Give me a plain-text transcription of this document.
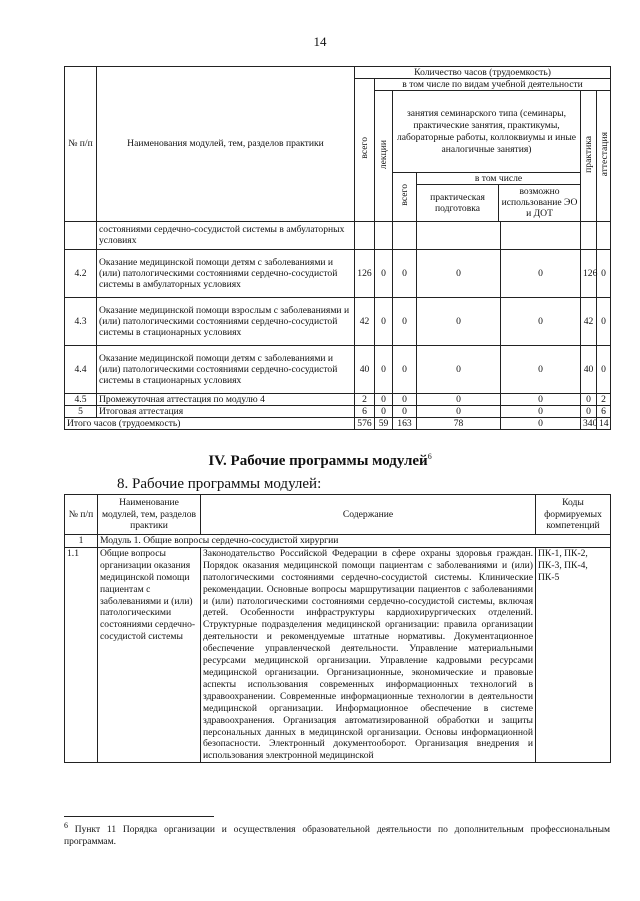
14
№ п/п	Наименования модулей, тем, разделов практики	Количество часов (трудоемкость)
всего	в том числе по видам учебной деятельности
лекции	занятия семинарского типа (семинары, практические занятия, практикумы, лабораторные работы, коллоквиумы и иные аналогичные занятия)	практика	аттестация
всего	
в том числе
практическая подготовка	возможно использование ЭО и ДОТ

	состояниями сердечно-сосудистой системы в амбулаторных условиях							
4.2	Оказание медицинской помощи детям с заболеваниями и (или) патологическими состояниями сердечно-сосудистой системы в амбулаторных условиях	126	0	0	0	0	126	0
4.3	Оказание медицинской помощи взрослым с заболеваниями и (или) патологическими состояниями сердечно-сосудистой системы в стационарных условиях	42	0	0	0	0	42	0
4.4	Оказание медицинской помощи детям с заболеваниями и (или) патологическими состояниями сердечно-сосудистой системы в стационарных условиях	40	0	0	0	0	40	0
4.5	Промежуточная аттестация по модулю 4	2	0	0	0	0	0	2
5	Итоговая аттестация	6	0	0	0	0	0	6
Итого часов (трудоемкость)	576	59	163	78	0	340	14
IV. Рабочие программы модулей$^6$
8. Рабочие программы модулей:
№ п/п	Наименование модулей, тем, разделов практики	Содержание	Коды формируемых компетенций
1	Модуль 1. Общие вопросы сердечно-сосудистой хирургии		
1.1	Общие вопросы организации оказания медицинской помощи пациентам с заболеваниями и (или) патологическими состояниями сердечно-сосудистой системы	Законодательство Российской Федерации в сфере охраны здоровья граждан. Порядок оказания медицинской помощи пациентам с заболеваниями и (или) патологическими состояниями сердечно-сосудистой системы. Клинические рекомендации. Основные вопросы маршрутизации пациентов с заболеваниями и (или) патологическими состояниями сердечно-сосудистой системы, включая детей. Особенности инфраструктуры кардиохирургических отделений. Структурные подразделения медицинской организации: правила организации деятельности и рекомендуемые штатные нормативы. Документационное обеспечение управленческой деятельности. Управление материальными ресурсами медицинской организации. Управление кадровыми ресурсами медицинской организации. Организационные, экономические и правовые аспекты использования современных информационных технологий в здравоохранении. Современные информационные технологии в деятельности медицинской организации. Информационное обеспечение в системе здравоохранения. Организация автоматизированной обработки и защиты персональных данных в медицинской организации. Основы информационной безопасности. Электронный документооборот. Организация внедрения и использования электронной медицинской	ПК-1, ПК-2, ПК-3, ПК-4, ПК-5
$^6$ Пункт 11 Порядка организации и осуществления образовательной деятельности по дополнительным профессиональным программам.
